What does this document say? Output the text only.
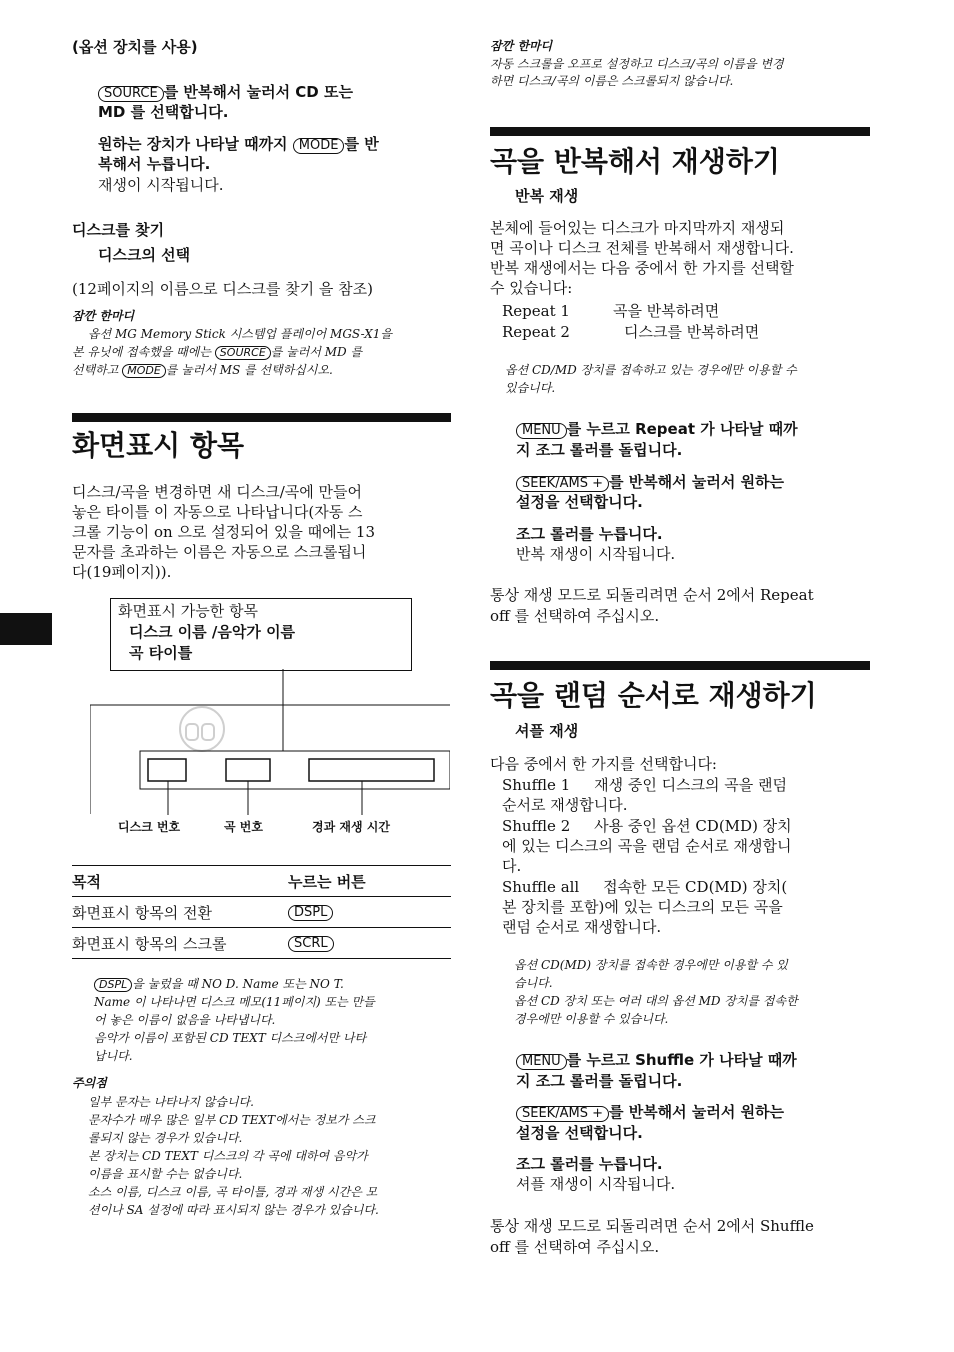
(옵션 장치를 사용)
SOURCE 를 반복해서 눌러서 CD 또는
MD 를 선택합니다.
원하는 장치가 나타날 때까지 MODE 를 반
복해서 누릅니다.
재생이 시작됩니다.
디스크를 찾기
디스크의 선택
(12페이지의 이름으로 디스크를 찾기 을 참조)
잠깐 한마디
옵션 MG Memory Stick 시스템업 플레이어 MGS-X1을
본 유닛에 접속했을 때에는 SOURCE 를 눌러서 MD 를
선택하고 MODE 를 눌러서 MS 를 선택하십시오.
화면표시 항목
디스크/곡을 변경하면 새 디스크/곡에 만들어
놓은 타이틀 이 자동으로 나타납니다(자동 스
크롤 기능이 on 으로 설정되어 있을 때에는 13
문자를 초과하는 이름은 자동으로 스크롤됩니
다(19페이지)).
화면표시 가능한 항목
디스크 이름 /음악가 이름
곡 타이틀
디스크 번호	곡 번호	경과 재생 시간
목적	누르는 버튼
화면표시 항목의 전환	DSPL
화면표시 항목의 스크롤	SCRL
DSPL 을 눌렀을 때 NO D. Name 또는 NO T.
Name 이 나타나면 디스크 메모(11페이지) 또는 만들
어 놓은 이름이 없음을 나타냅니다.
음악가 이름이 포함된 CD TEXT 디스크에서만 나타
납니다.
주의점
일부 문자는 나타나지 않습니다.
문자수가 매우 많은 일부 CD TEXT에서는 정보가 스크
롤되지 않는 경우가 있습니다.
본 장치는 CD TEXT 디스크의 각 곡에 대하여 음악가
이름을 표시할 수는 없습니다.
소스 이름, 디스크 이름, 곡 타이틀, 경과 재생 시간은 모
션이나 SA 설정에 따라 표시되지 않는 경우가 있습니다.
잠깐 한마디
자동 스크롤을 오프로 설정하고 디스크/곡의 이름을 변경
하면 디스크/곡의 이름은 스크롤되지 않습니다.
곡을 반복해서 재생하기
반복 재생
본체에 들어있는 디스크가 마지막까지 재생되
면 곡이나 디스크 전체를 반복해서 재생합니다.
반복 재생에서는 다음 중에서 한 가지를 선택할
수 있습니다:
Repeat 1	곡을 반복하려면
Repeat 2	디스크를 반복하려면
옵션 CD/MD 장치를 접속하고 있는 경우에만 이용할 수
있습니다.
MENU 를 누르고 Repeat 가 나타날 때까
지 조그 롤러를 돌립니다.
SEEK/AMS + 를 반복해서 눌러서 원하는
설정을 선택합니다.
조그 롤러를 누릅니다.
반복 재생이 시작됩니다.
통상 재생 모드로 되돌리려면 순서 2에서 Repeat
off 를 선택하여 주십시오.
곡을 랜덤 순서로 재생하기
셔플 재생
다음 중에서 한 가지를 선택합니다:
Shuffle 1     재생 중인 디스크의 곡을 랜덤
순서로 재생합니다.
Shuffle 2     사용 중인 옵션 CD(MD) 장치
에 있는 디스크의 곡을 랜덤 순서로 재생합니
다.
Shuffle all     접속한 모든 CD(MD) 장치(
본 장치를 포함)에 있는 디스크의 모든 곡을
랜덤 순서로 재생합니다.
옵션 CD(MD) 장치를 접속한 경우에만 이용할 수 있
습니다.
옵션 CD 장치 또는 여러 대의 옵션 MD 장치를 접속한
경우에만 이용할 수 있습니다.
MENU 를 누르고 Shuffle 가 나타날 때까
지 조그 롤러를 돌립니다.
SEEK/AMS + 를 반복해서 눌러서 원하는
설정을 선택합니다.
조그 롤러를 누릅니다.
셔플 재생이 시작됩니다.
통상 재생 모드로 되돌리려면 순서 2에서 Shuffle
off 를 선택하여 주십시오.
